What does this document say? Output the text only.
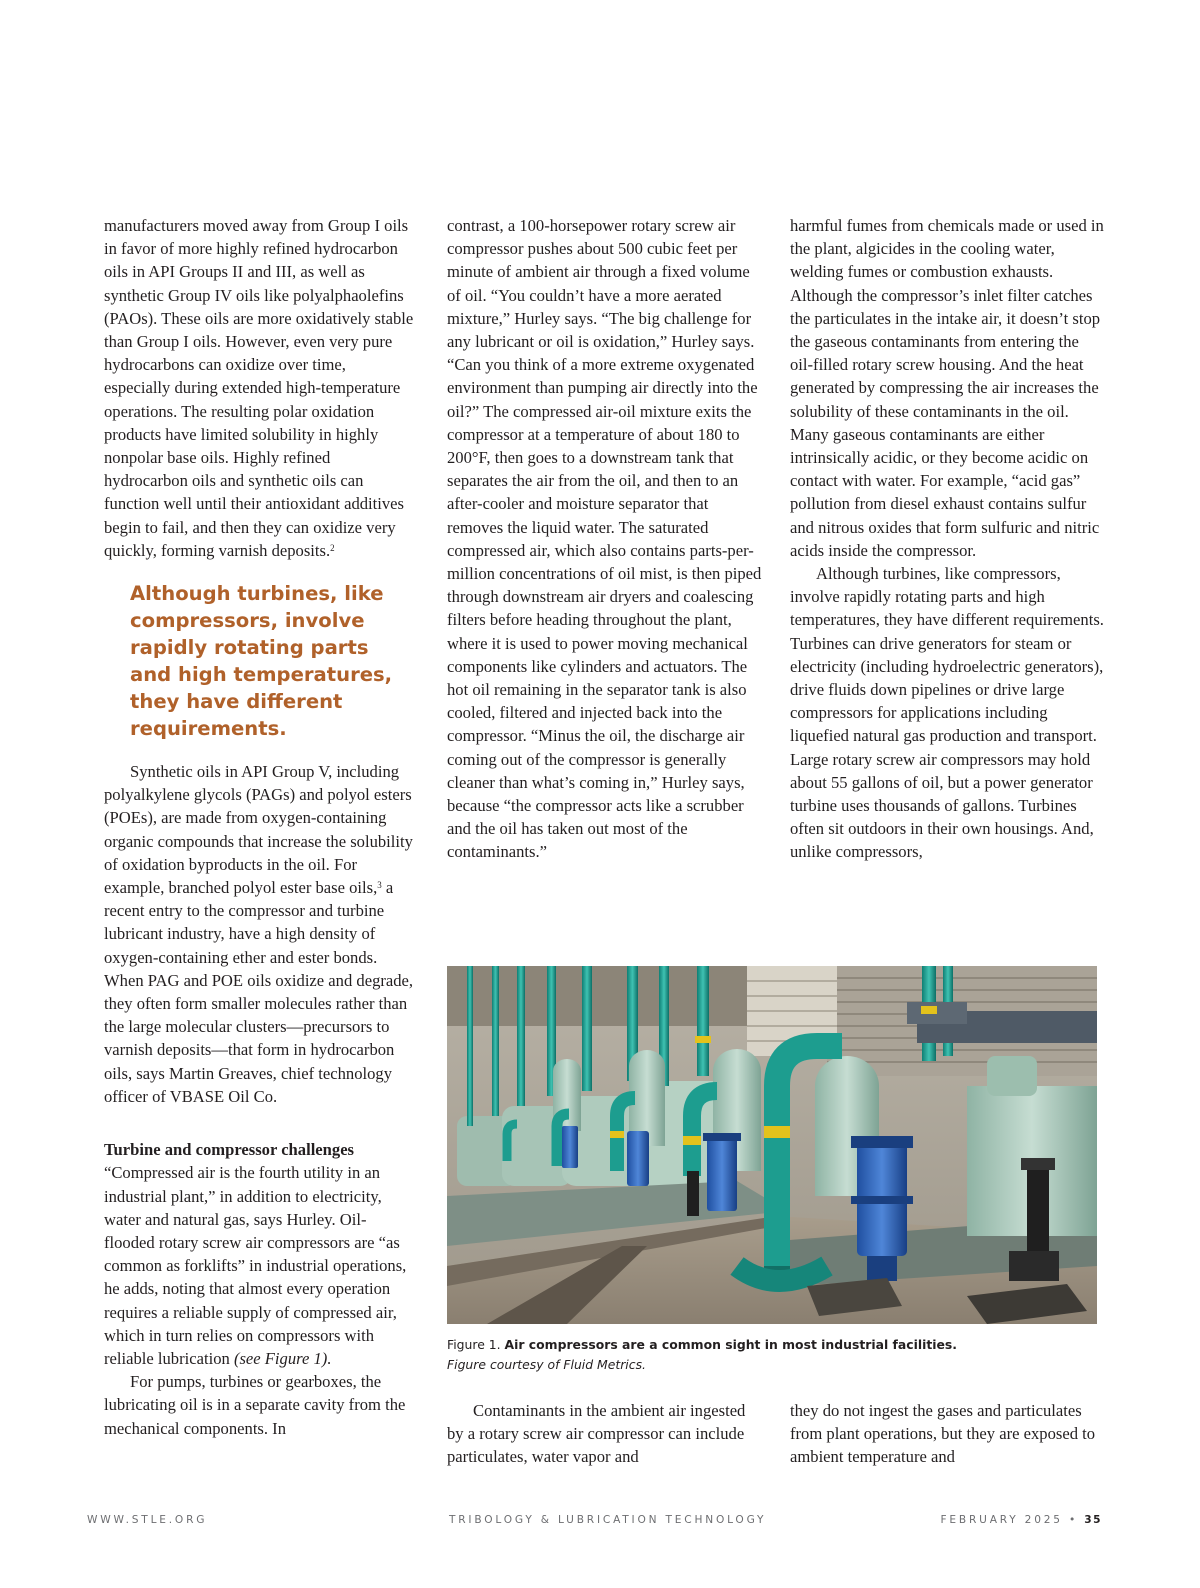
manufacturers moved away from Group I oils in favor of more highly refined hydrocarbon oils in API Groups II and III, as well as synthetic Group IV oils like polyalphaolefins (PAOs). These oils are more oxidatively stable than Group I oils. However, even very pure hydrocarbons can oxidize over time, especially during extended high-temperature operations. The resulting polar oxidation products have limited solubility in highly nonpolar base oils. Highly refined hydrocarbon oils and synthetic oils can function well until their antioxidant additives begin to fail, and then they can oxidize very quickly, forming varnish deposits.$^2$

Although turbines, like compressors, involve rapidly rotating parts and high temperatures, they have different requirements.

Synthetic oils in API Group V, including polyalkylene glycols (PAGs) and polyol esters (POEs), are made from oxygen-containing organic compounds that increase the solubility of oxidation byproducts in the oil. For example, branched polyol ester base oils,$^3$ a recent entry to the compressor and turbine lubricant industry, have a high density of oxygen-containing ether and ester bonds. When PAG and POE oils oxidize and degrade, they often form smaller molecules rather than the large molecular clusters—precursors to varnish deposits—that form in hydrocarbon oils, says Martin Greaves, chief technology officer of VBASE Oil Co.

Turbine and compressor challenges

“Compressed air is the fourth utility in an industrial plant,” in addition to electricity, water and natural gas, says Hurley. Oil-flooded rotary screw air compressors are “as common as forklifts” in industrial operations, he adds, noting that almost every operation requires a reliable supply of compressed air, which in turn relies on compressors with reliable lubrication (see Figure 1).

For pumps, turbines or gearboxes, the lubricating oil is in a separate cavity from the mechanical components. In

contrast, a 100-horsepower rotary screw air compressor pushes about 500 cubic feet per minute of ambient air through a fixed volume of oil. “You couldn’t have a more aerated mixture,” Hurley says. “The big challenge for any lubricant or oil is oxidation,” Hurley says. “Can you think of a more extreme oxygenated environment than pumping air directly into the oil?” The compressed air-oil mixture exits the compressor at a temperature of about 180 to 200°F, then goes to a downstream tank that separates the air from the oil, and then to an after-cooler and moisture separator that removes the liquid water. The saturated compressed air, which also contains parts-per-million concentrations of oil mist, is then piped through downstream air dryers and coalescing filters before heading throughout the plant, where it is used to power moving mechanical components like cylinders and actuators. The hot oil remaining in the separator tank is also cooled, filtered and injected back into the compressor. “Minus the oil, the discharge air coming out of the compressor is generally cleaner than what’s coming in,” Hurley says, because “the compressor acts like a scrubber and the oil has taken out most of the contaminants.”

harmful fumes from chemicals made or used in the plant, algicides in the cooling water, welding fumes or combustion exhausts. Although the compressor’s inlet filter catches the particulates in the intake air, it doesn’t stop the gaseous contaminants from entering the oil-filled rotary screw housing. And the heat generated by compressing the air increases the solubility of these contaminants in the oil. Many gaseous contaminants are either intrinsically acidic, or they become acidic on contact with water. For example, “acid gas” pollution from diesel exhaust contains sulfur and nitrous oxides that form sulfuric and nitric acids inside the compressor.

Although turbines, like compressors, involve rapidly rotating parts and high temperatures, they have different requirements. Turbines can drive generators for steam or electricity (including hydroelectric generators), drive fluids down pipelines or drive large compressors for applications including liquefied natural gas production and transport. Large rotary screw air compressors may hold about 55 gallons of oil, but a power generator turbine uses thousands of gallons. Turbines often sit outdoors in their own housings. And, unlike compressors,

Figure 1. Air compressors are a common sight in most industrial facilities.
Figure courtesy of Fluid Metrics.

Contaminants in the ambient air ingested by a rotary screw air compressor can include particulates, water vapor and

they do not ingest the gases and particulates from plant operations, but they are exposed to ambient temperature and

WWW.STLE.ORG	TRIBOLOGY & LUBRICATION TECHNOLOGY	FEBRUARY 2025 • 35
